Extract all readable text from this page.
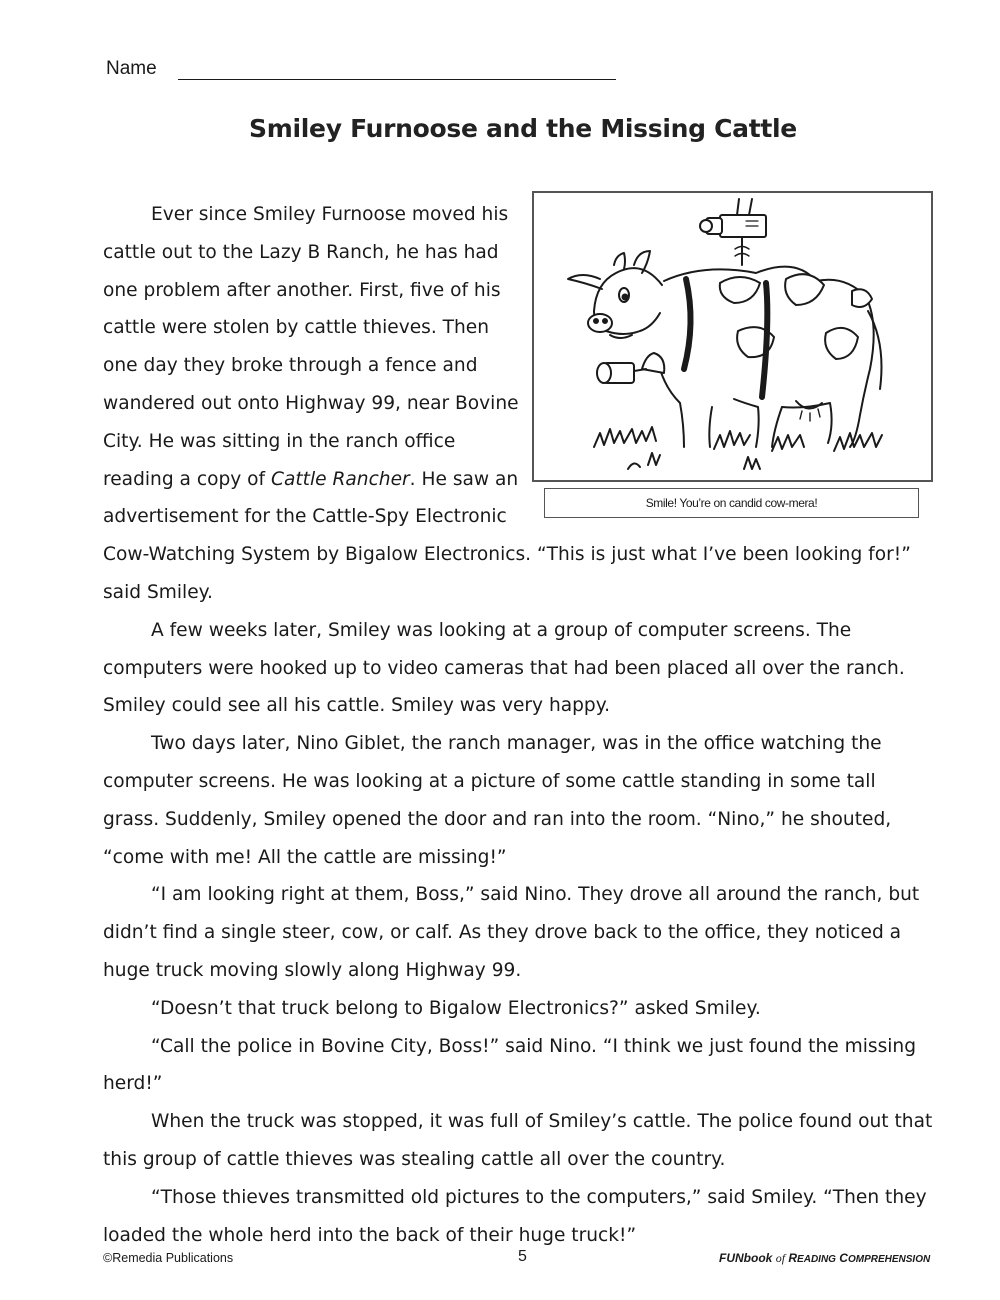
Name
Smiley Furnoose and the Missing Cattle

Ever since Smiley Furnoose moved his cattle out to the Lazy B Ranch, he has had one problem after another. First, five of his cattle were stolen by cattle thieves. Then one day they broke through a fence and wandered out onto Highway 99, near Bovine City. He was sitting in the ranch office reading a copy of Cattle Rancher. He saw an advertisement for the Cattle-Spy Electronic Cow-Watching System by Bigalow Electronics. “This is just what I’ve been looking for!” said Smiley.

A few weeks later, Smiley was looking at a group of computer screens. The computers were hooked up to video cameras that had been placed all over the ranch. Smiley could see all his cattle. Smiley was very happy.

Two days later, Nino Giblet, the ranch manager, was in the office watching the computer screens. He was looking at a picture of some cattle standing in some tall grass. Suddenly, Smiley opened the door and ran into the room. “Nino,” he shouted, “come with me! All the cattle are missing!”

“I am looking right at them, Boss,” said Nino. They drove all around the ranch, but didn’t find a single steer, cow, or calf. As they drove back to the office, they noticed a huge truck moving slowly along Highway 99.

“Doesn’t that truck belong to Bigalow Electronics?” asked Smiley.

“Call the police in Bovine City, Boss!” said Nino. “I think we just found the missing herd!”

When the truck was stopped, it was full of Smiley’s cattle. The police found out that this group of cattle thieves was stealing cattle all over the country.

“Those thieves transmitted old pictures to the computers,” said Smiley. “Then they loaded the whole herd into the back of their huge truck!”

Smile! You’re on candid cow-mera!
©Remedia Publications	5	FUNbook of READING COMPREHENSION
